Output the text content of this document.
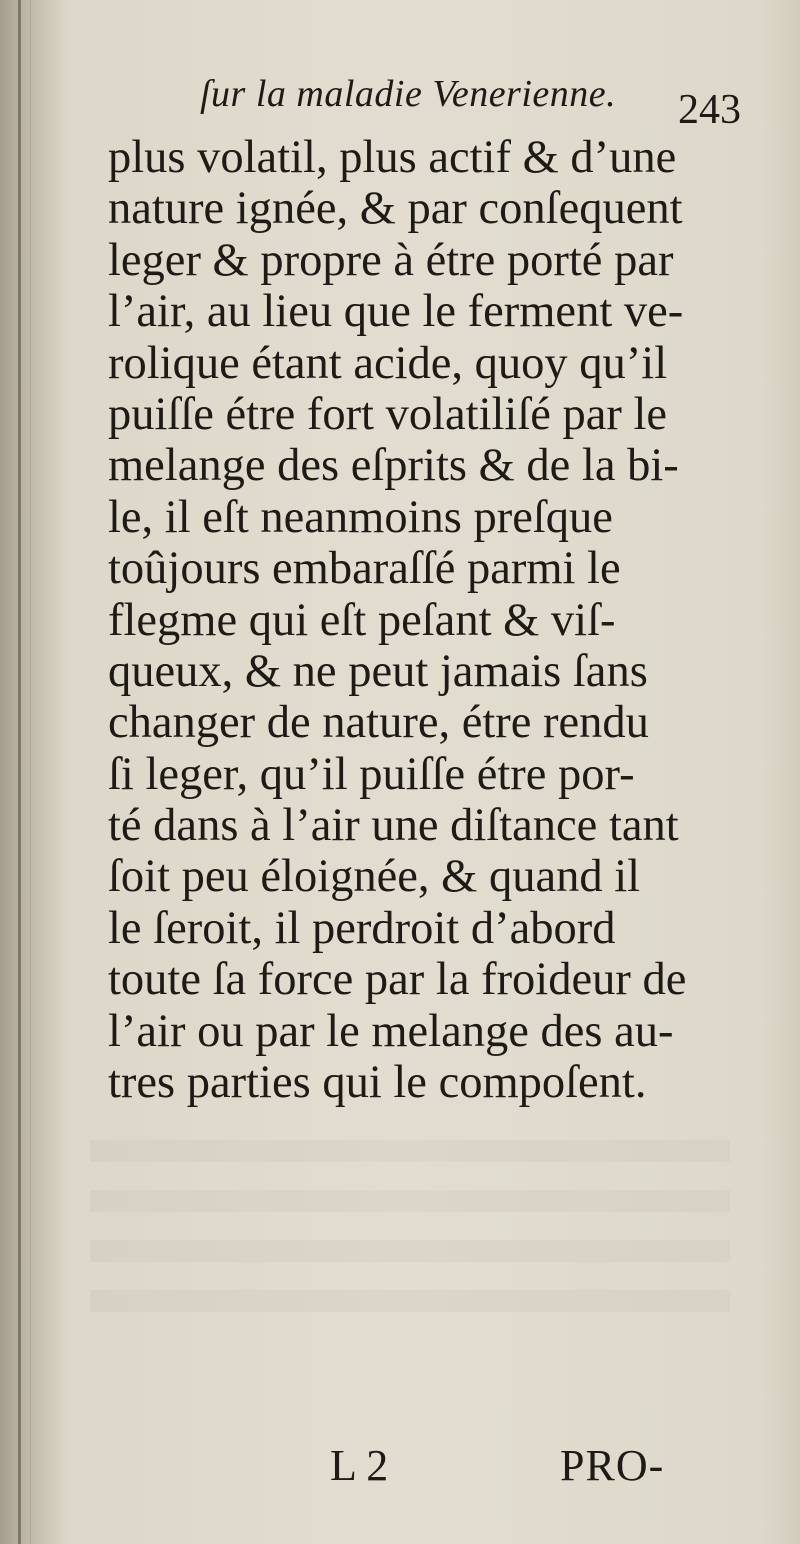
ſur la maladie Venerienne. 243
plus volatil, plus actif & d’une
nature ignée, & par conſequent
leger & propre à étre porté par
l’air, au lieu que le ferment ve-
rolique étant acide, quoy qu’il
puiſſe étre fort volatiliſé par le
melange des eſprits & de la bi-
le, il eſt neanmoins preſque
toûjours embaraſſé parmi le
flegme qui eſt peſant & viſ-
queux, & ne peut jamais ſans
changer de nature, étre rendu
ſi leger, qu’il puiſſe étre por-
té dans à l’air une diſtance tant
ſoit peu éloignée, & quand il
le ſeroit, il perdroit d’abord
toute ſa force par la froideur de
l’air ou par le melange des au-
tres parties qui le compoſent.
L 2	PRO-
